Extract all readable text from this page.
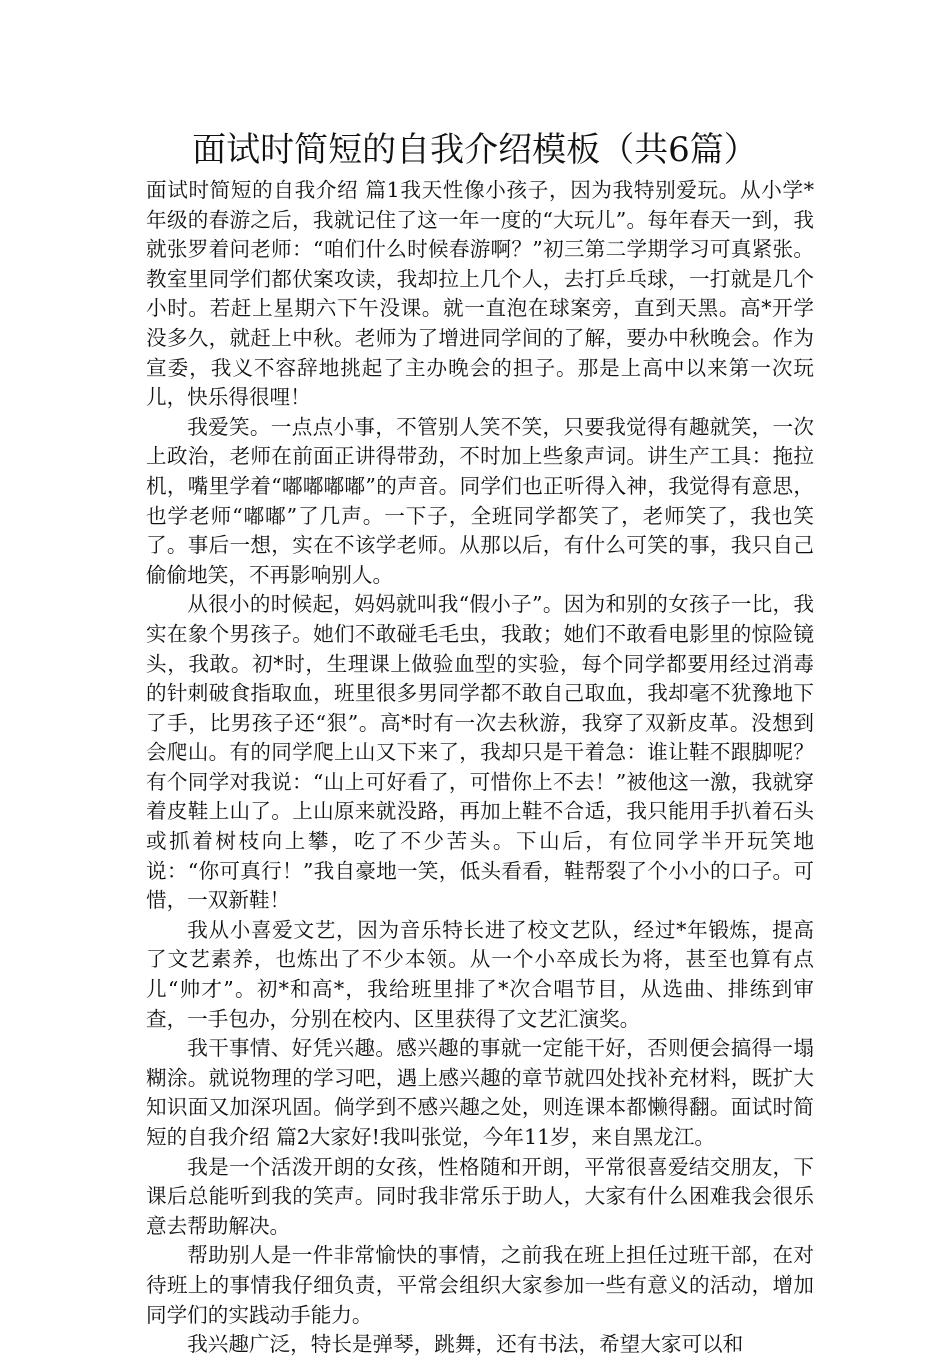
面试时简短的自我介绍模板（共6篇）

面试时简短的自我介绍 篇1我天性像小孩子，因为我特别爱玩。从小学*年级的春游之后，我就记住了这一年一度的“大玩儿”。每年春天一到，我就张罗着问老师：“咱们什么时候春游啊？”初三第二学期学习可真紧张。教室里同学们都伏案攻读，我却拉上几个人，去打乒乓球，一打就是几个小时。若赶上星期六下午没课。就一直泡在球案旁，直到天黑。高*开学没多久，就赶上中秋。老师为了增进同学间的了解，要办中秋晚会。作为宣委，我义不容辞地挑起了主办晚会的担子。那是上高中以来第一次玩儿，快乐得很哩！

我爱笑。一点点小事，不管别人笑不笑，只要我觉得有趣就笑，一次上政治，老师在前面正讲得带劲，不时加上些象声词。讲生产工具：拖拉机，嘴里学着“嘟嘟嘟嘟”的声音。同学们也正听得入神，我觉得有意思，也学老师“嘟嘟”了几声。一下子，全班同学都笑了，老师笑了，我也笑了。事后一想，实在不该学老师。从那以后，有什么可笑的事，我只自己偷偷地笑，不再影响别人。

从很小的时候起，妈妈就叫我“假小子”。因为和别的女孩子一比，我实在象个男孩子。她们不敢碰毛毛虫，我敢；她们不敢看电影里的惊险镜头，我敢。初*时，生理课上做验血型的实验，每个同学都要用经过消毒的针刺破食指取血，班里很多男同学都不敢自己取血，我却毫不犹豫地下了手，比男孩子还“狠”。高*时有一次去秋游，我穿了双新皮革。没想到会爬山。有的同学爬上山又下来了，我却只是干着急：谁让鞋不跟脚呢？有个同学对我说：“山上可好看了，可惜你上不去！”被他这一激，我就穿着皮鞋上山了。上山原来就没路，再加上鞋不合适，我只能用手扒着石头或抓着树枝向上攀，吃了不少苦头。下山后，有位同学半开玩笑地说：“你可真行！”我自豪地一笑，低头看看，鞋帮裂了个小小的口子。可惜，一双新鞋！

我从小喜爱文艺，因为音乐特长进了校文艺队，经过*年锻炼，提高了文艺素养，也炼出了不少本领。从一个小卒成长为将，甚至也算有点儿“帅才”。初*和高*，我给班里排了*次合唱节目，从选曲、排练到审查，一手包办，分别在校内、区里获得了文艺汇演奖。

我干事情、好凭兴趣。感兴趣的事就一定能干好，否则便会搞得一塌糊涂。就说物理的学习吧，遇上感兴趣的章节就四处找补充材料，既扩大知识面又加深巩固。倘学到不感兴趣之处，则连课本都懒得翻。面试时简短的自我介绍 篇2大家好!我叫张觉，今年11岁，来自黑龙江。

我是一个活泼开朗的女孩，性格随和开朗，平常很喜爱结交朋友，下课后总能听到我的笑声。同时我非常乐于助人，大家有什么困难我会很乐意去帮助解决。

帮助别人是一件非常愉快的事情，之前我在班上担任过班干部，在对待班上的事情我仔细负责，平常会组织大家参加一些有意义的活动，增加同学们的实践动手能力。

我兴趣广泛，特长是弹琴，跳舞，还有书法，希望大家可以和
